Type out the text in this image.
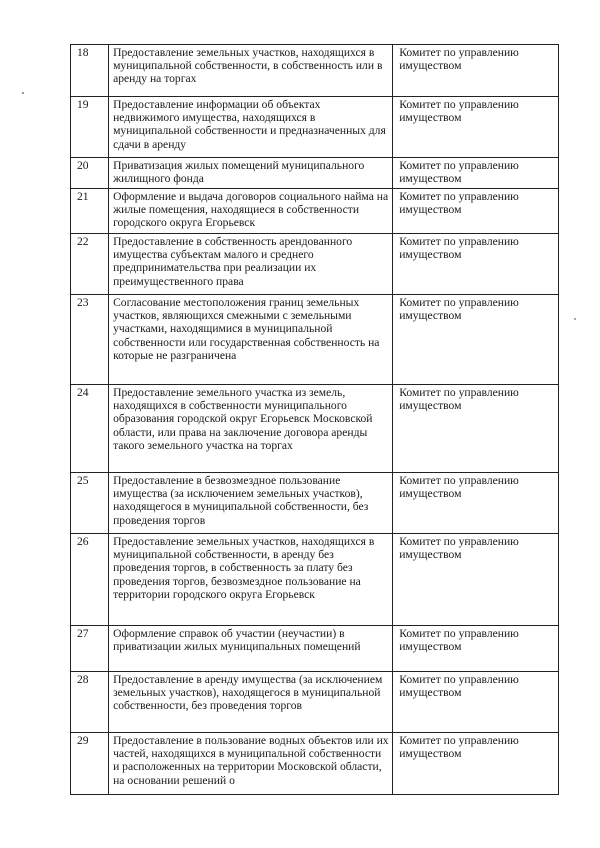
18	Предоставление земельных участков, находящихся в муниципальной собственности, в собственность или в аренду на торгах	Комитет по управлению имуществом
19	Предоставление информации об объектах недвижимого имущества, находящихся в муниципальной собственности и предназначенных для сдачи в аренду	Комитет по управлению имуществом
20	Приватизация жилых помещений муниципального жилищного фонда	Комитет по управлению имуществом
21	Оформление и выдача договоров социального найма на жилые помещения, находящиеся в собственности городского округа Егорьевск	Комитет по управлению имуществом
22	Предоставление в собственность арендованного имущества субъектам малого и среднего предпринимательства при реализации их преимущественного права	Комитет по управлению имуществом
23	Согласование местоположения границ земельных участков, являющихся смежными с земельными участками, находящимися в муниципальной собственности или государственная собственность на которые не разграничена	Комитет по управлению имуществом
24	Предоставление земельного участка из земель, находящихся в собственности муниципального образования городской округ Егорьевск Московской области, или права на заключение договора аренды такого земельного участка на торгах	Комитет по управлению имуществом
25	Предоставление в безвозмездное пользование имущества (за исключением земельных участков), находящегося в муниципальной собственности, без проведения торгов	Комитет по управлению имуществом
26	Предоставление земельных участков, находящихся в муниципальной собственности, в аренду без проведения торгов, в собственность за плату без проведения торгов, безвозмездное пользование на территории городского округа Егорьевск	Комитет по управлению имуществом
27	Оформление справок об участии (неучастии) в приватизации жилых муниципальных помещений	Комитет по управлению имуществом
28	Предоставление в аренду имущества (за исключением земельных участков), находящегося в муниципальной собственности, без проведения торгов	Комитет по управлению имуществом
29	Предоставление в пользование водных объектов или их частей, находящихся в муниципальной собственности и расположенных на территории Московской области, на основании решений о	Комитет по управлению имуществом
